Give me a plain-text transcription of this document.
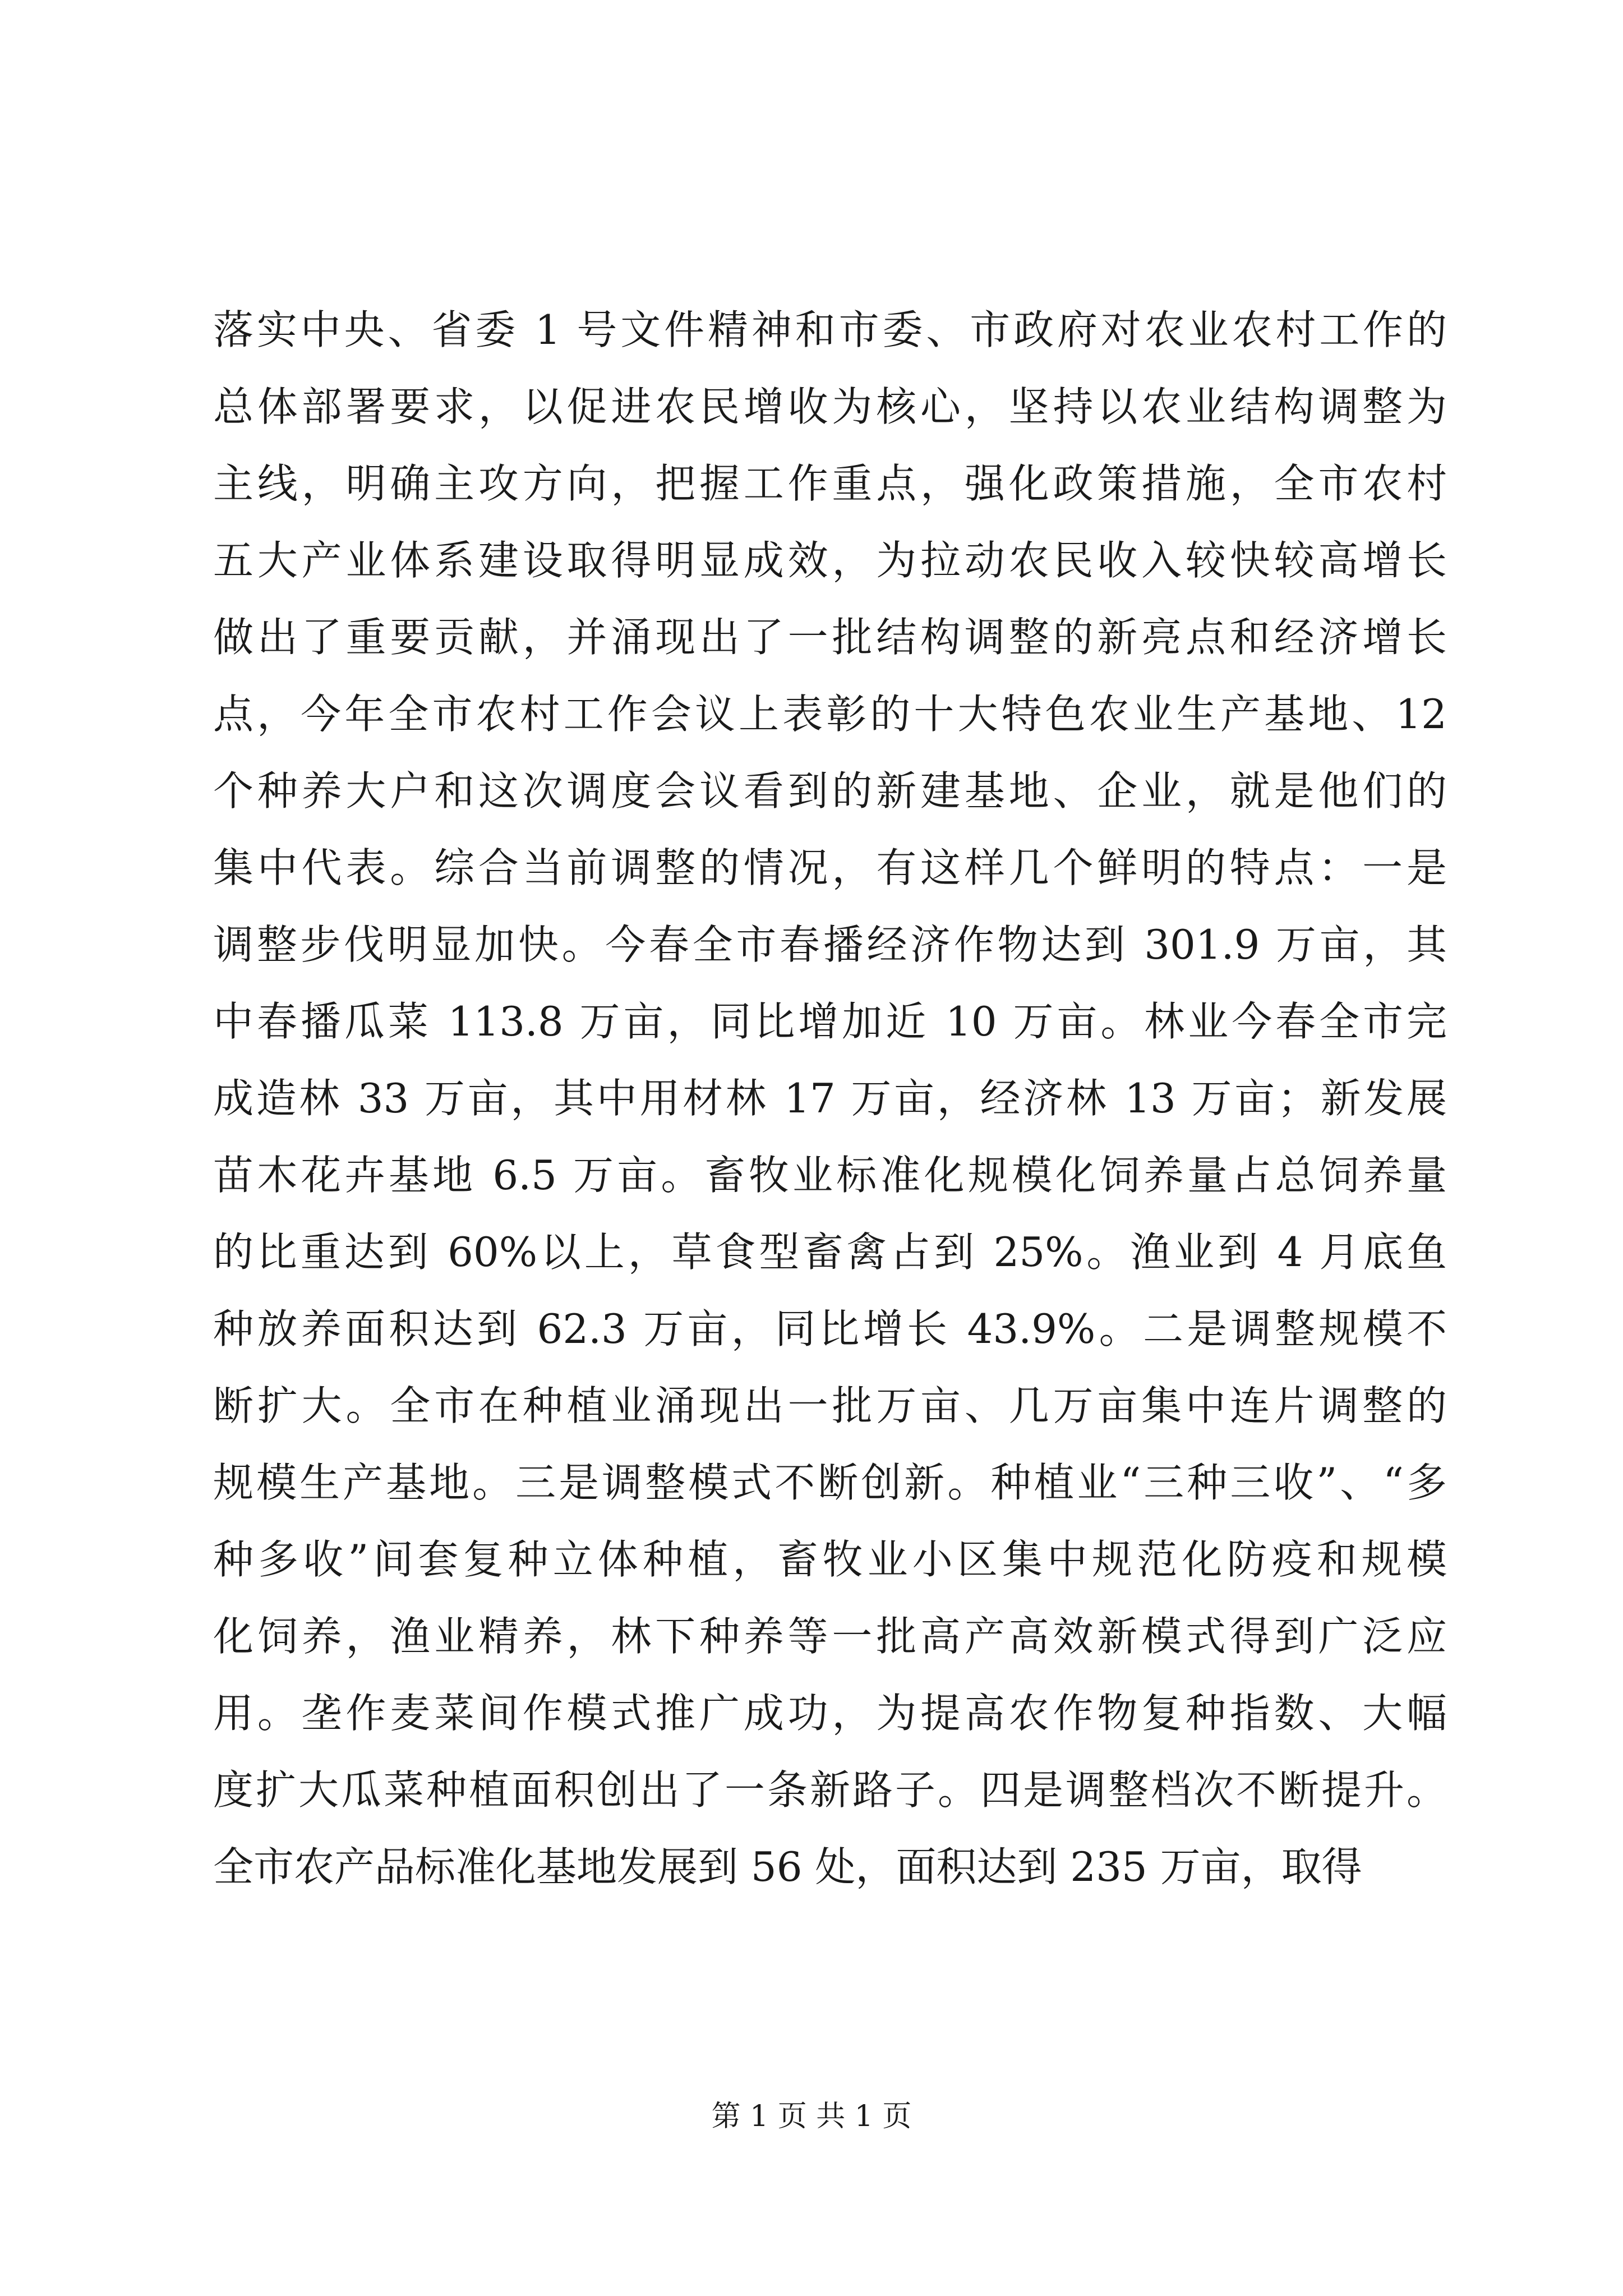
落实中央、省委 1 号文件精神和市委、市政府对农业农村工作的
总体部署要求，以促进农民增收为核心，坚持以农业结构调整为
主线，明确主攻方向，把握工作重点，强化政策措施，全市农村
五大产业体系建设取得明显成效，为拉动农民收入较快较高增长
做出了重要贡献，并涌现出了一批结构调整的新亮点和经济增长
点，今年全市农村工作会议上表彰的十大特色农业生产基地、12
个种养大户和这次调度会议看到的新建基地、企业，就是他们的
集中代表。综合当前调整的情况，有这样几个鲜明的特点：一是
调整步伐明显加快。今春全市春播经济作物达到 301.9 万亩，其
中春播瓜菜 113.8 万亩，同比增加近 10 万亩。林业今春全市完
成造林 33 万亩，其中用材林 17 万亩，经济林 13 万亩；新发展
苗木花卉基地 6.5 万亩。畜牧业标准化规模化饲养量占总饲养量
的比重达到 60%以上，草食型畜禽占到 25%。渔业到 4 月底鱼
种放养面积达到 62.3 万亩，同比增长 43.9%。二是调整规模不
断扩大。全市在种植业涌现出一批万亩、几万亩集中连片调整的
规模生产基地。三是调整模式不断创新。种植业“三种三收”、“多
种多收”间套复种立体种植，畜牧业小区集中规范化防疫和规模
化饲养，渔业精养，林下种养等一批高产高效新模式得到广泛应
用。垄作麦菜间作模式推广成功，为提高农作物复种指数、大幅
度扩大瓜菜种植面积创出了一条新路子。四是调整档次不断提升。
全市农产品标准化基地发展到 56 处，面积达到 235 万亩，取得
第 1 页 共 1 页
